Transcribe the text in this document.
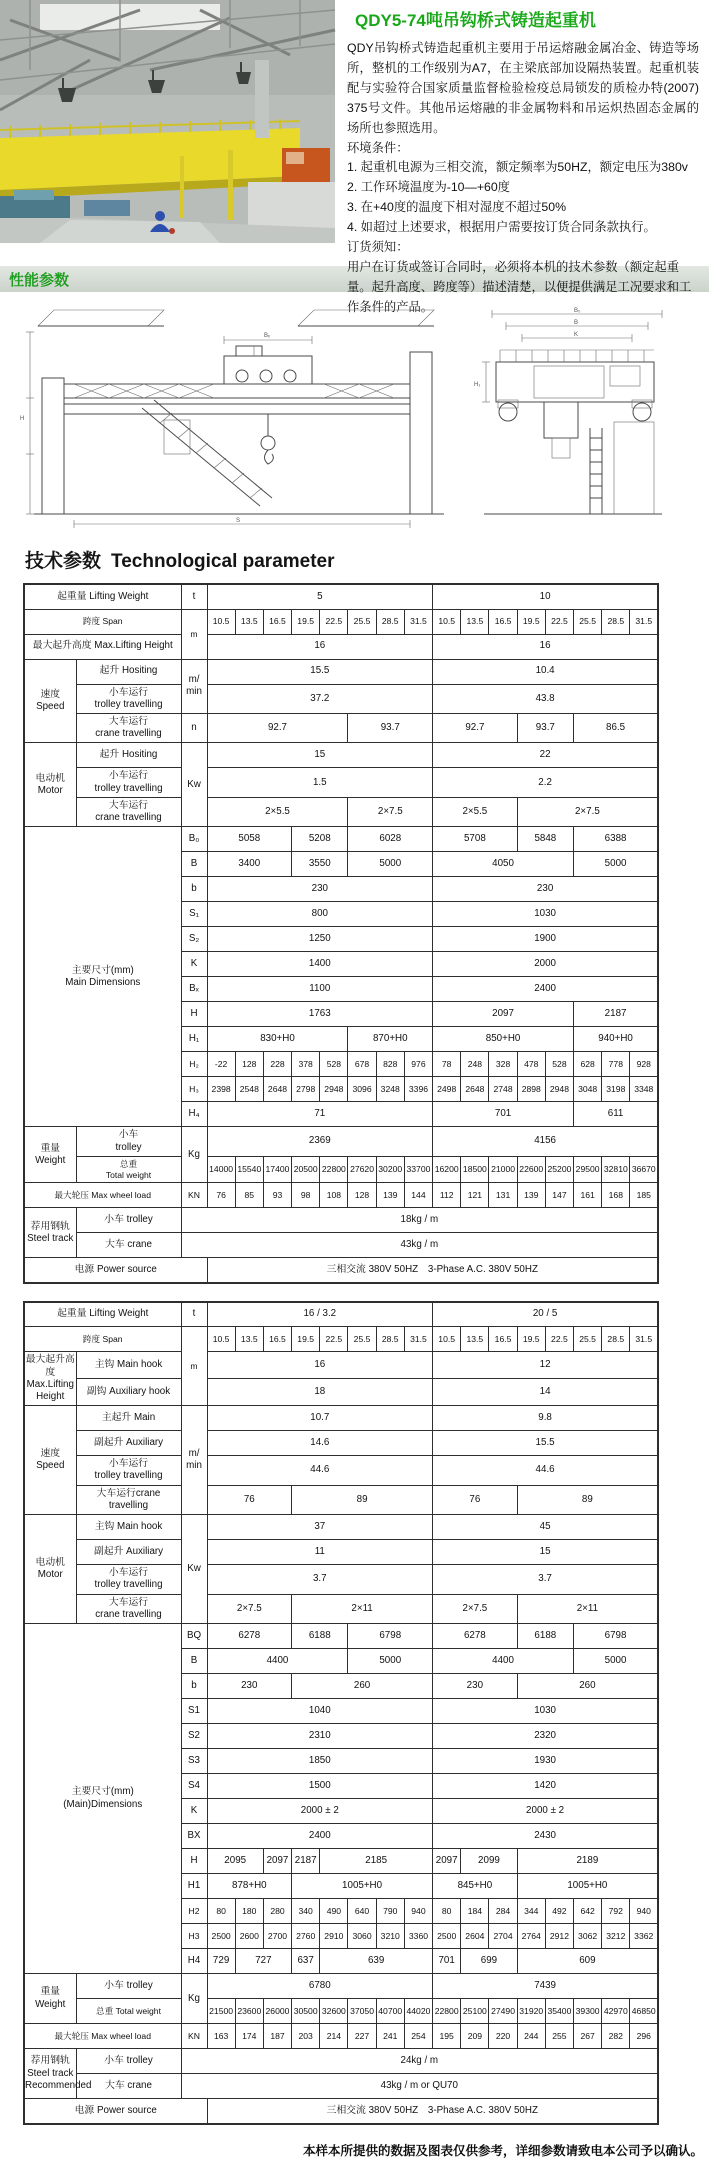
QDY5-74吨吊钩桥式铸造起重机
QDY吊钩桥式铸造起重机主要用于吊运熔融金属冶金、铸造等场所，整机的工作级别为A7，在主梁底部加设隔热装置。起重机装配与实验符合国家质量监督检验检疫总局锁发的质检办特(2007) 375号文件。其他吊运熔融的非金属物料和吊运炽热固态金属的场所也参照选用。
环境条件：
1. 起重机电源为三相交流，额定频率为50HZ，额定电压为380v
2. 工作环境温度为-10—+60度
3. 在+40度的温度下相对湿度不超过50%
4. 如超过上述要求，根据用户需要按订货合同条款执行。
订货须知：
用户在订货或签订合同时，必须将本机的技术参数（额定起重量。起升高度、跨度等）描述清楚，以便提供满足工况要求和工作条件的产品。
性能参数
H
S
Bₓ
B₀
B
K
H₁
技术参数 Technological parameter
起重量 Lifting Weight		t	5								10							
跨度 Span		m	10.5	13.5	16.5	19.5	22.5	25.5	28.5	31.5	10.5	13.5	16.5	19.5	22.5	25.5	28.5	31.5
最大起升高度 Max.Lifting Height			16								16							
速度
Speed	起升 Hositing	m/
min	15.5								10.4							
	小车运行
trolley travelling		37.2								43.8							
	大车运行
crane travelling	n	92.7					93.7			92.7			93.7		86.5		
电动机
Motor	起升 Hositing	Kw	15								22							
	小车运行
trolley travelling		1.5								2.2							
	大车运行
crane travelling		2×5.5					2×7.5			2×5.5			2×7.5				
主要尺寸(mm)
Main Dimensions		B₀	5058			5208		6028			5708			5848		6388		
		B	3400			3550		5000			4050					5000		
		b	230								230							
		S₁	800								1030							
		S₂	1250								1900							
		K	1400								2000							
		Bₓ	1100								2400							
		H	1763								2097					2187		
		H₁	830+H0					870+H0			850+H0					940+H0		
		H₂	-22	128	228	378	528	678	828	976	78	248	328	478	528	628	778	928
		H₃	2398	2548	2648	2798	2948	3096	3248	3396	2498	2648	2748	2898	2948	3048	3198	3348
		H₄	71								701					611		
重量 Weight	小车
trolley	Kg	2369								4156							
	总重
Total weight		14000	15540	17400	20500	22800	27620	30200	33700	16200	18500	21000	22600	25200	29500	32810	36670
最大轮压 Max wheel load		KN	76	85	93	98	108	128	139	144	112	121	131	139	147	161	168	185
荐用钢轨
Steel track	小车 trolley	18kg / m																
	大车 crane	43kg / m																
电源 Power source			三相交流 380V 50HZ　3-Phase A.C. 380V 50HZ															
起重量 Lifting Weight		t	16 / 3.2								20 / 5							
跨度 Span		m	10.5	13.5	16.5	19.5	22.5	25.5	28.5	31.5	10.5	13.5	16.5	19.5	22.5	25.5	28.5	31.5
最大起升高
度
Max.Lifting
Height	主钩 Main hook		16								12							
	副钩 Auxiliary hook		18								14							
速度
Speed	主起升 Main	m/
min	10.7								9.8							
	副起升 Auxiliary		14.6								15.5							
	小车运行
trolley travelling		44.6								44.6							
	大车运行crane
travelling		76			89					76			89				
电动机
Motor	主钩 Main hook	Kw	37								45							
	副起升 Auxiliary		11								15							
	小车运行
trolley travelling		3.7								3.7							
	大车运行
crane travelling		2×7.5			2×11					2×7.5			2×11				
主要尺寸(mm)
(Main)Dimensions		BQ	6278			6188		6798			6278			6188		6798		
		B	4400					5000			4400					5000		
		b	230			260					230			260				
		S1	1040								1030							
		S2	2310								2320							
		S3	1850								1930							
		S4	1500								1420							
		K	2000 ± 2								2000 ± 2							
		BX	2400								2430							
		H	2095		2097	2187	2185				2097	2099		2189				
		H1	878+H0			1005+H0					845+H0			1005+H0				
		H2	80	180	280	340	490	640	790	940	80	184	284	344	492	642	792	940
		H3	2500	2600	2700	2760	2910	3060	3210	3360	2500	2604	2704	2764	2912	3062	3212	3362
		H4	729	727		637	639				701	699		609				
重量 Weight	小车 trolley	Kg	6780								7439							
	总重 Total weight		21500	23600	26000	30500	32600	37050	40700	44020	22800	25100	27490	31920	35400	39300	42970	46850
最大轮压 Max wheel load		KN	163	174	187	203	214	227	241	254	195	209	220	244	255	267	282	296
荐用钢轨
Steel track
Recommended	小车 trolley	24kg / m																
	大车 crane	43kg / m or QU70																
电源 Power source			三相交流 380V 50HZ　3-Phase A.C. 380V 50HZ															
本样本所提供的数据及图表仅供参考，详细参数请致电本公司予以确认。
